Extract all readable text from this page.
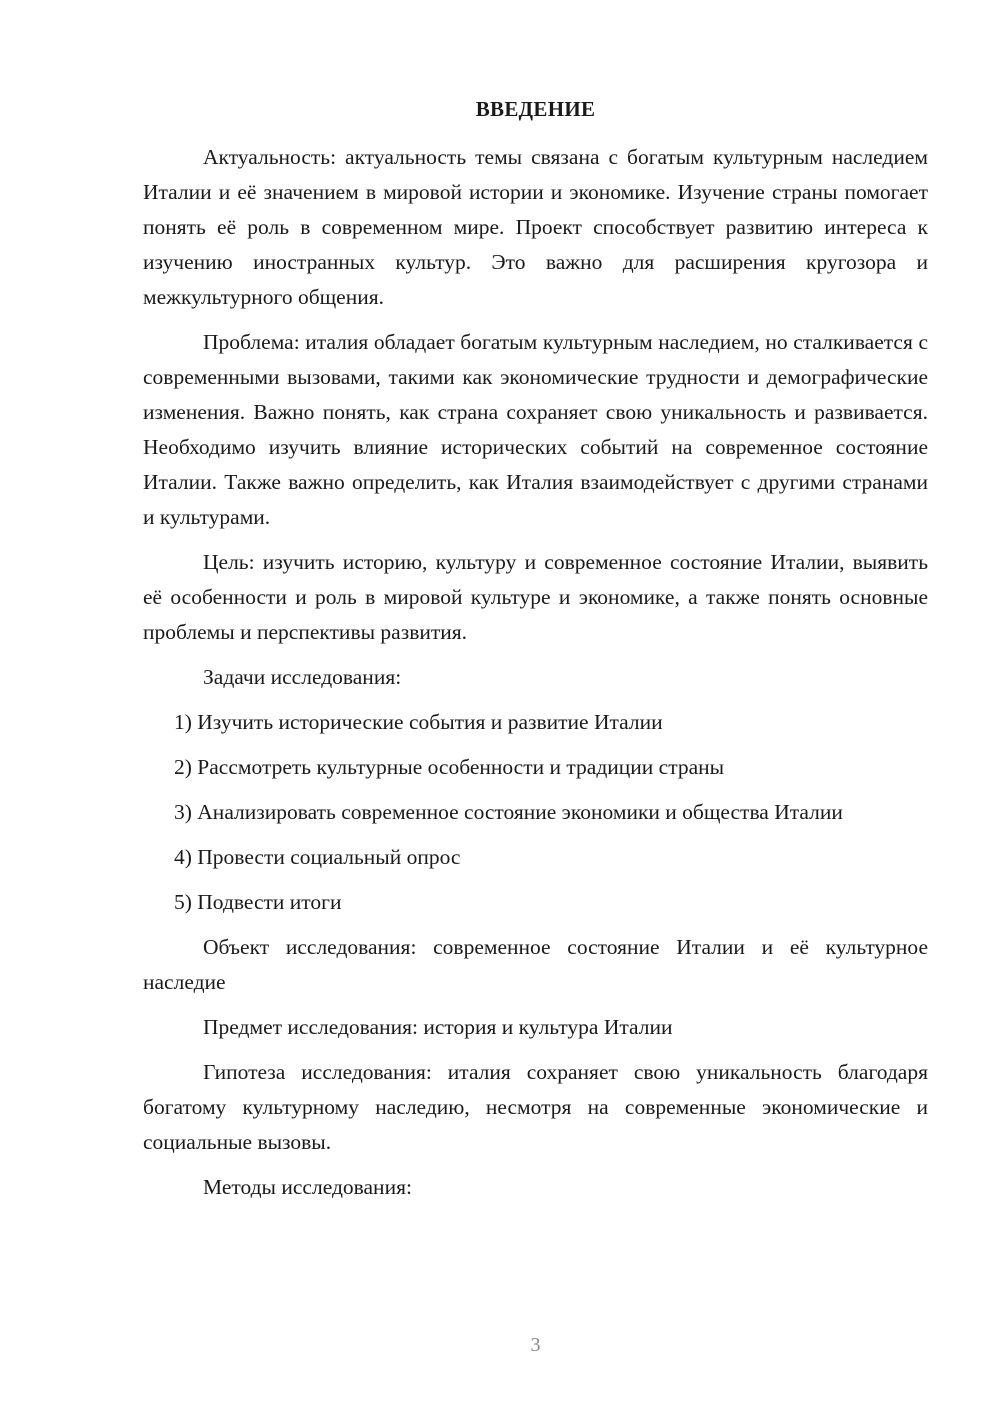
ВВЕДЕНИЕ

Актуальность: актуальность темы связана с богатым культурным наследием Италии и её значением в мировой истории и экономике. Изучение страны помогает понять её роль в современном мире. Проект способствует развитию интереса к изучению иностранных культур. Это важно для расширения кругозора и межкультурного общения.

Проблема: италия обладает богатым культурным наследием, но сталкивается с современными вызовами, такими как экономические трудности и демографические изменения. Важно понять, как страна сохраняет свою уникальность и развивается. Необходимо изучить влияние исторических событий на современное состояние Италии. Также важно определить, как Италия взаимодействует с другими странами и культурами.

Цель: изучить историю, культуру и современное состояние Италии, выявить её особенности и роль в мировой культуре и экономике, а также понять основные проблемы и перспективы развития.

Задачи исследования:

1) Изучить исторические события и развитие Италии

2) Рассмотреть культурные особенности и традиции страны

3) Анализировать современное состояние экономики и общества Италии

4) Провести социальный опрос

5) Подвести итоги

Объект исследования: современное состояние Италии и её культурное наследие

Предмет исследования: история и культура Италии

Гипотеза исследования: италия сохраняет свою уникальность благодаря богатому культурному наследию, несмотря на современные экономические и социальные вызовы.

Методы исследования:

3
